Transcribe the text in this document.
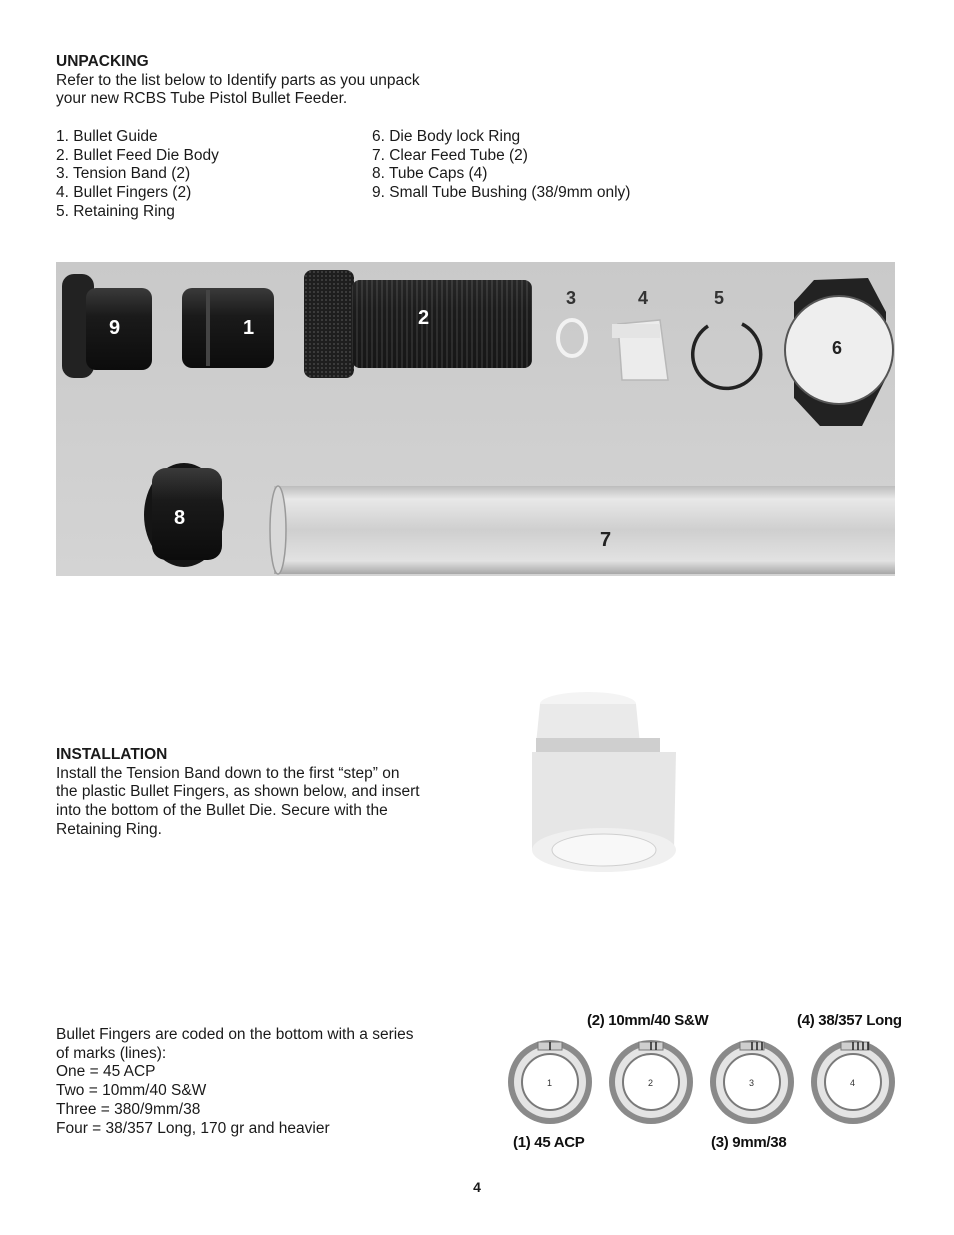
UNPACKING
Refer to the list below to Identify parts as you unpack
your new RCBS Tube Pistol Bullet Feeder.
1. Bullet Guide
2. Bullet Feed Die Body
3. Tension Band (2)
4. Bullet Fingers (2)
5. Retaining Ring
6. Die Body lock Ring
7. Clear Feed Tube (2)
8. Tube Caps (4)
9. Small Tube Bushing (38/9mm only)
9	1	2
3	4	5
6
8
7
INSTALLATION
Install the Tension Band down to the first “step” on
the plastic Bullet Fingers, as shown below, and insert
into the bottom of the Bullet Die. Secure with the
Retaining Ring.
Bullet Fingers are coded on the bottom with a series
of marks (lines):
One = 45 ACP
Two = 10mm/40 S&W
Three = 380/9mm/38
Four = 38/357 Long, 170 gr and heavier
1	2	3	4
(1) 45 ACP
(2) 10mm/40 S&W
(3) 9mm/38
(4) 38/357 Long
4
